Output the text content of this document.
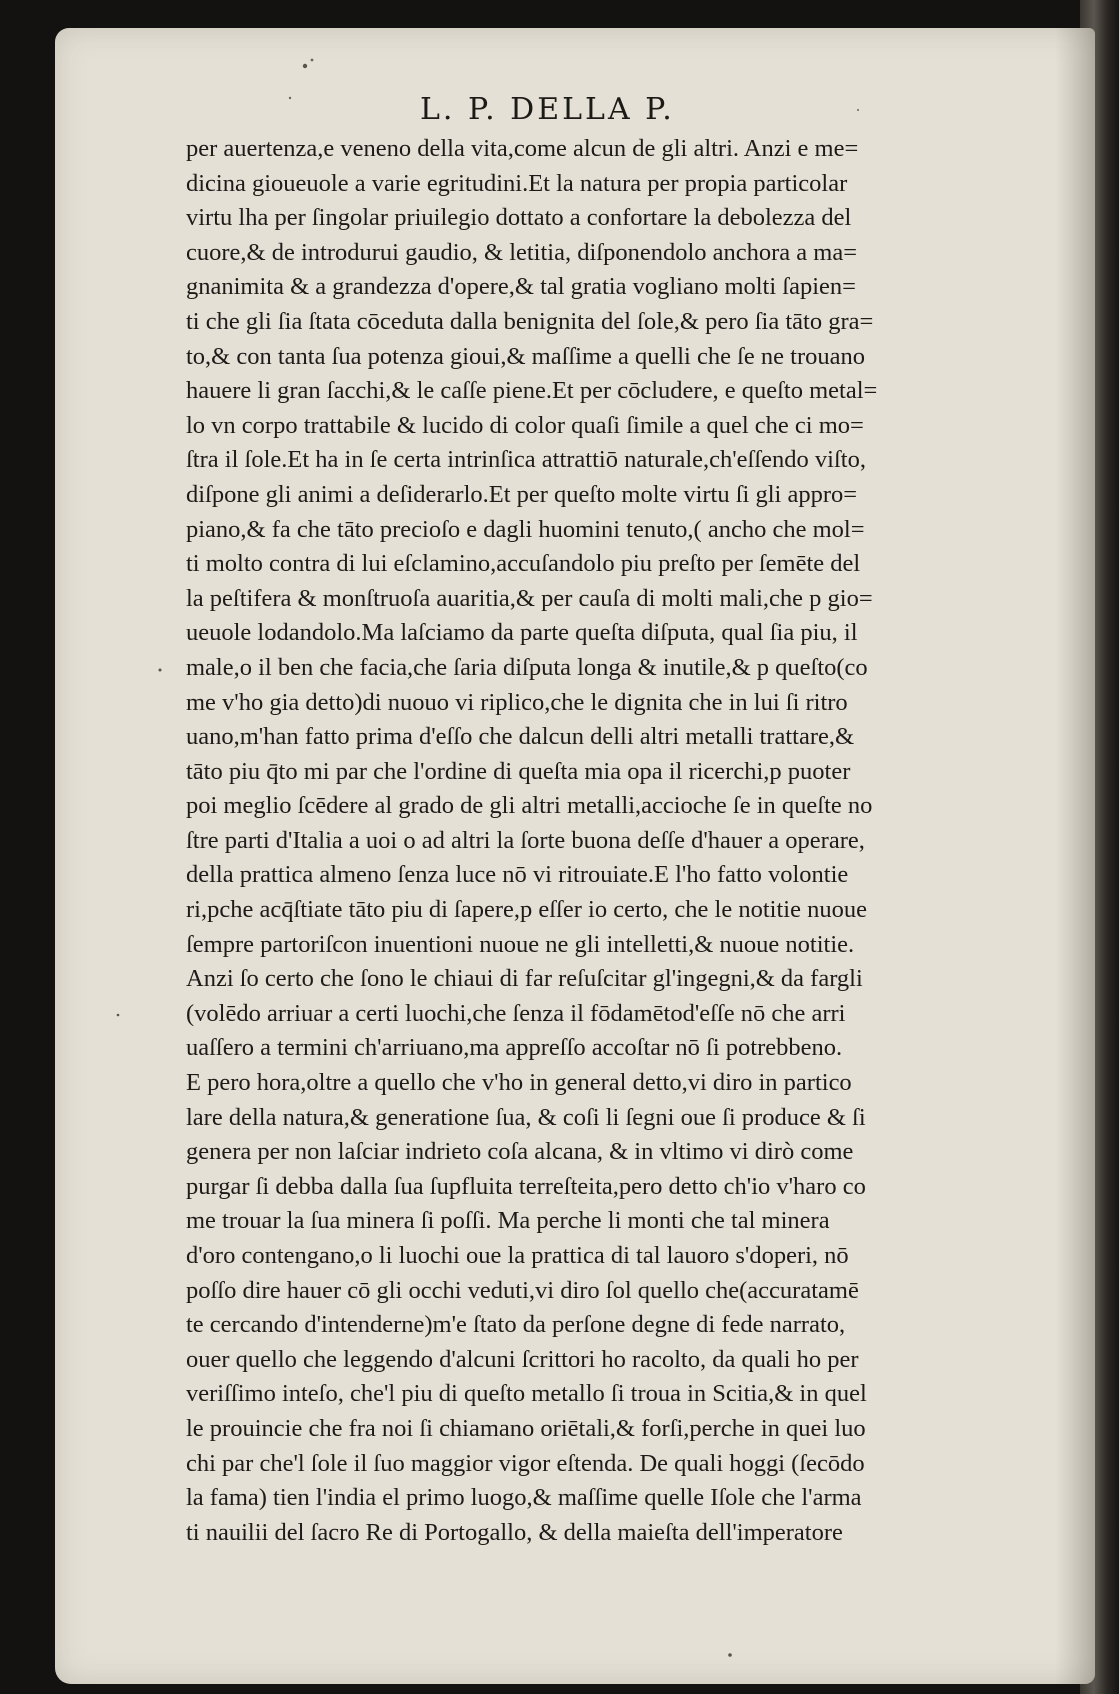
L. P. DELLA P.
per auertenza,e veneno della vita,come alcun de gli altri. Anzi e me=
dicina gioueuole a varie egritudini.Et la natura per propia particolar
virtu lha per ſingolar priuilegio dottato a confortare la debolezza del
cuore,& de introdurui gaudio, & letitia, diſponendolo anchora a ma=
gnanimita & a grandezza d'opere,& tal gratia vogliano molti ſapien=
ti che gli ſia ſtata cōceduta dalla benignita del ſole,& pero ſia tāto gra=
to,& con tanta ſua potenza gioui,& maſſime a quelli che ſe ne trouano
hauere li gran ſacchi,& le caſſe piene.Et per cōcludere, e queſto metal=
lo vn corpo trattabile & lucido di color quaſi ſimile a quel che ci mo=
ſtra il ſole.Et ha in ſe certa intrinſica attrattiō naturale,ch'eſſendo viſto,
diſpone gli animi a deſiderarlo.Et per queſto molte virtu ſi gli appro=
piano,& fa che tāto precioſo e dagli huomini tenuto,( ancho che mol=
ti molto contra di lui eſclamino,accuſandolo piu preſto per ſemēte del
la peſtifera & monſtruoſa auaritia,& per cauſa di molti mali,che p gio=
ueuole lodandolo.Ma laſciamo da parte queſta diſputa, qual ſia piu, il
male,o il ben che facia,che ſaria diſputa longa & inutile,& p queſto(co
me v'ho gia detto)di nuouo vi riplico,che le dignita che in lui ſi ritro
uano,m'han fatto prima d'eſſo che dalcun delli altri metalli trattare,&
tāto piu q̄to mi par che l'ordine di queſta mia opa il ricerchi,p puoter
poi meglio ſcēdere al grado de gli altri metalli,accioche ſe in queſte no
ſtre parti d'Italia a uoi o ad altri la ſorte buona deſſe d'hauer a operare,
della prattica almeno ſenza luce nō vi ritrouiate.E l'ho fatto volontie
ri,pche acq̄ſtiate tāto piu di ſapere,p eſſer io certo, che le notitie nuoue
ſempre partoriſcon inuentioni nuoue ne gli intelletti,& nuoue notitie.
Anzi ſo certo che ſono le chiaui di far reſuſcitar gl'ingegni,& da fargli
(volēdo arriuar a certi luochi,che ſenza il fōdamētod'eſſe nō che arri
uaſſero a termini ch'arriuano,ma appreſſo accoſtar nō ſi potrebbeno.
E pero hora,oltre a quello che v'ho in general detto,vi diro in partico
lare della natura,& generatione ſua, & coſi li ſegni oue ſi produce & ſi
genera per non laſciar indrieto coſa alcana, & in vltimo vi dirò come
purgar ſi debba dalla ſua ſupfluita terreſteita,pero detto ch'io v'haro co
me trouar la ſua minera ſi poſſi. Ma perche li monti che tal minera
d'oro contengano,o li luochi oue la prattica di tal lauoro s'doperi, nō
poſſo dire hauer cō gli occhi veduti,vi diro ſol quello che(accuratamē
te cercando d'intenderne)m'e ſtato da perſone degne di fede narrato,
ouer quello che leggendo d'alcuni ſcrittori ho racolto, da quali ho per
veriſſimo inteſo, che'l piu di queſto metallo ſi troua in Scitia,& in quel
le prouincie che fra noi ſi chiamano oriētali,& forſi,perche in quei luo
chi par che'l ſole il ſuo maggior vigor eſtenda. De quali hoggi (ſecōdo
la fama) tien l'india el primo luogo,& maſſime quelle Iſole che l'arma
ti nauilii del ſacro Re di Portogallo, & della maieſta dell'imperatore
